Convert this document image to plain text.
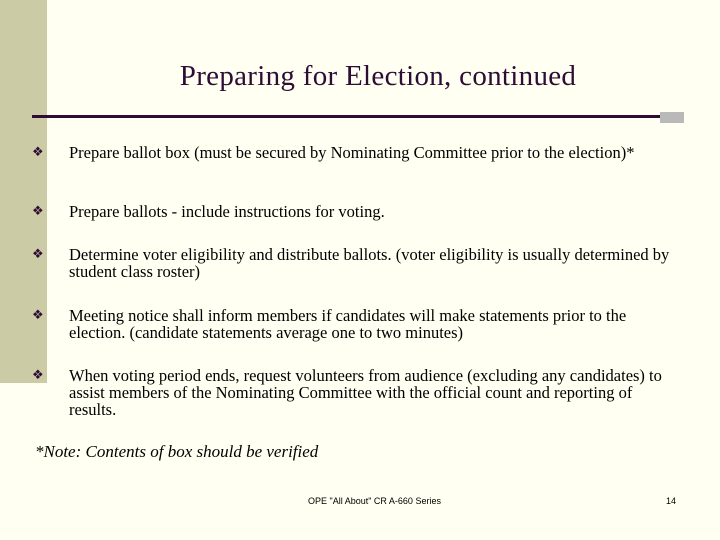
Preparing for Election, continued
❖	Prepare ballot box (must be secured by Nominating Committee prior to the election)*
❖	Prepare ballots - include instructions for voting.
❖	Determine voter eligibility and distribute ballots. (voter eligibility is usually determined by student class roster)
❖	Meeting notice shall inform members if candidates will make statements prior to the election. (candidate statements average one to two minutes)
❖	When voting period ends, request volunteers from audience (excluding any candidates) to assist members of the Nominating Committee with the official count and reporting of results.
*Note: Contents of box should be verified
OPE "All About" CR A-660 Series	14
